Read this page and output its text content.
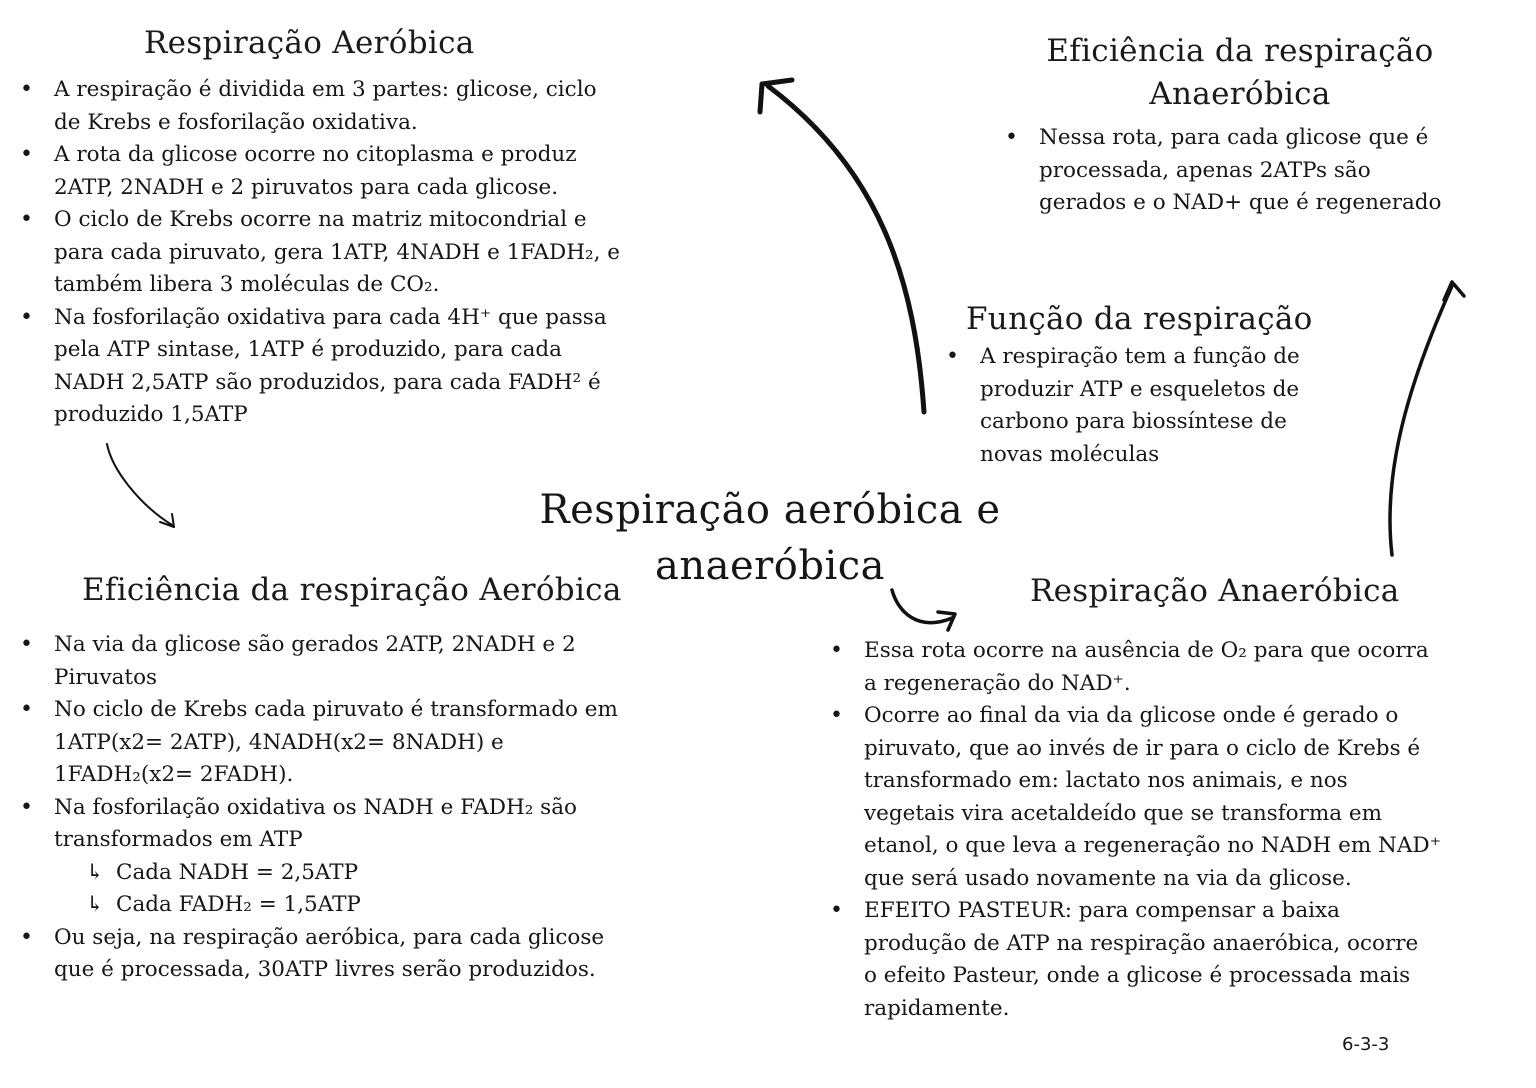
Respiração Aeróbica
• A respiração é dividida em 3 partes: glicose, ciclo
de Krebs e fosforilação oxidativa.
• A rota da glicose ocorre no citoplasma e produz
2ATP, 2NADH e 2 piruvatos para cada glicose.
• O ciclo de Krebs ocorre na matriz mitocondrial e
para cada piruvato, gera 1ATP, 4NADH e 1FADH₂, e
também libera 3 moléculas de CO₂.
• Na fosforilação oxidativa para cada 4H⁺ que passa
pela ATP sintase, 1ATP é produzido, para cada
NADH 2,5ATP são produzidos, para cada FADH² é
produzido 1,5ATP
Eficiência da respiração
Anaeróbica
• Nessa rota, para cada glicose que é
processada, apenas 2ATPs são
gerados e o NAD+ que é regenerado
Função da respiração
• A respiração tem a função de
produzir ATP e esqueletos de
carbono para biossíntese de
novas moléculas
Respiração aeróbica e
anaeróbica
Eficiência da respiração Aeróbica
• Na via da glicose são gerados 2ATP, 2NADH e 2
Piruvatos
• No ciclo de Krebs cada piruvato é transformado em
1ATP(x2= 2ATP), 4NADH(x2= 8NADH) e
1FADH₂(x2= 2FADH).
• Na fosforilação oxidativa os NADH e FADH₂ são
transformados em ATP
↳ Cada NADH = 2,5ATP
↳ Cada FADH₂ = 1,5ATP
• Ou seja, na respiração aeróbica, para cada glicose
que é processada, 30ATP livres serão produzidos.
Respiração Anaeróbica
• Essa rota ocorre na ausência de O₂ para que ocorra
a regeneração do NAD⁺.
• Ocorre ao final da via da glicose onde é gerado o
piruvato, que ao invés de ir para o ciclo de Krebs é
transformado em: lactato nos animais, e nos
vegetais vira acetaldeído que se transforma em
etanol, o que leva a regeneração no NADH em NAD⁺
que será usado novamente na via da glicose.
• EFEITO PASTEUR: para compensar a baixa
produção de ATP na respiração anaeróbica, ocorre
o efeito Pasteur, onde a glicose é processada mais
rapidamente.
6-3-3
